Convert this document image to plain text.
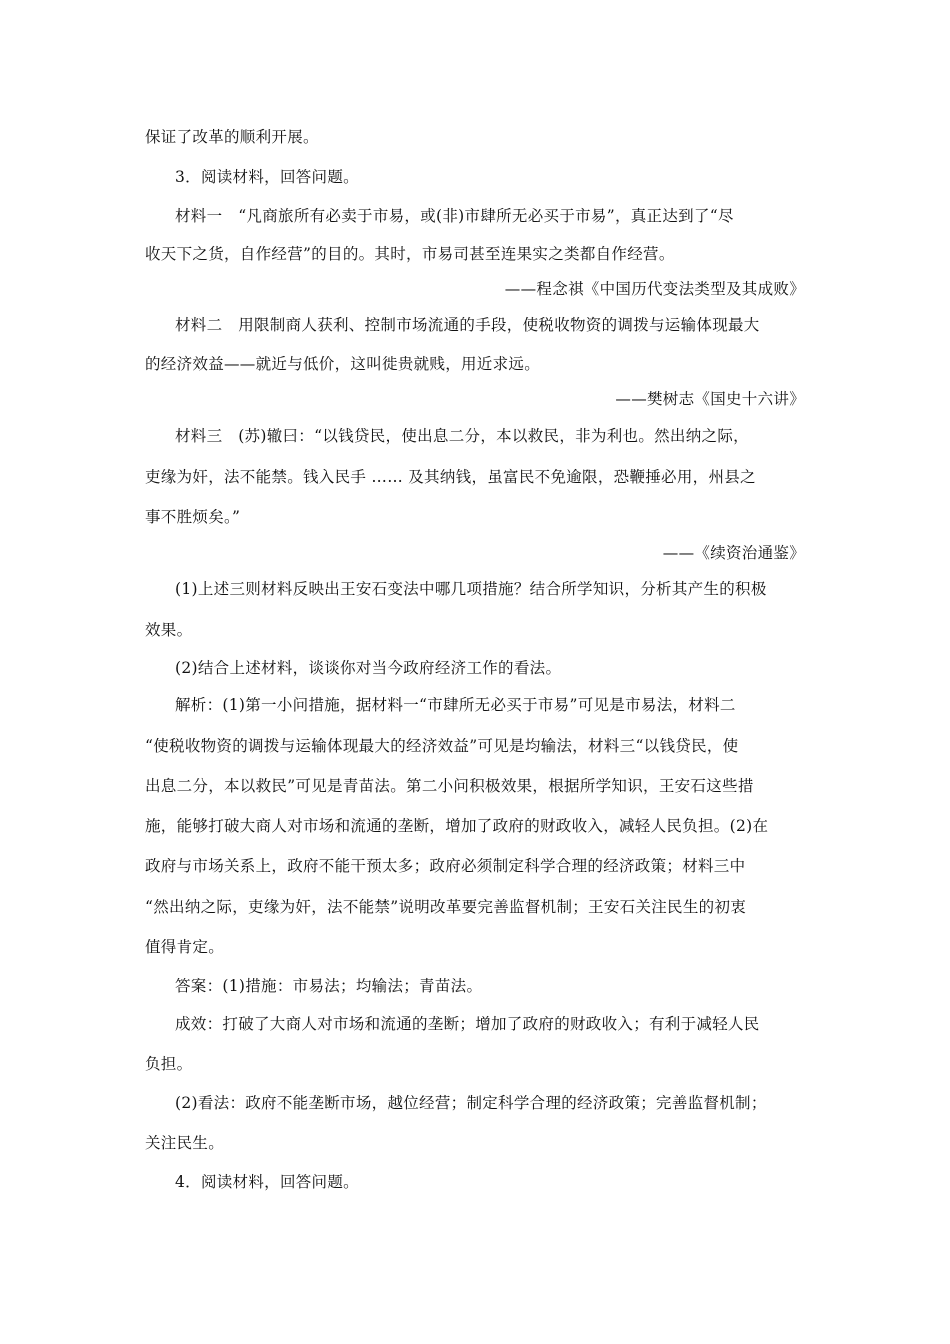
保证了改革的顺利开展。
3．阅读材料，回答问题。
材料一　“凡商旅所有必卖于市易，或(非)市肆所无必买于市易”，真正达到了“尽
收天下之货，自作经营”的目的。其时，市易司甚至连果实之类都自作经营。
——程念祺《中国历代变法类型及其成败》
材料二　用限制商人获利、控制市场流通的手段，使税收物资的调拨与运输体现最大
的经济效益——就近与低价，这叫徙贵就贱，用近求远。
——樊树志《国史十六讲》
材料三　(苏)辙曰：“以钱贷民，使出息二分，本以救民，非为利也。然出纳之际，
吏缘为奸，法不能禁。钱入民手 …… 及其纳钱，虽富民不免逾限，恐鞭捶必用，州县之
事不胜烦矣。”
——《续资治通鉴》
(1)上述三则材料反映出王安石变法中哪几项措施？结合所学知识，分析其产生的积极
效果。
(2)结合上述材料，谈谈你对当今政府经济工作的看法。
解析：(1)第一小问措施，据材料一“市肆所无必买于市易”可见是市易法，材料二
“使税收物资的调拨与运输体现最大的经济效益”可见是均输法，材料三“以钱贷民，使
出息二分，本以救民”可见是青苗法。第二小问积极效果，根据所学知识，王安石这些措
施，能够打破大商人对市场和流通的垄断，增加了政府的财政收入，减轻人民负担。(2)在
政府与市场关系上，政府不能干预太多；政府必须制定科学合理的经济政策；材料三中
“然出纳之际，吏缘为奸，法不能禁”说明改革要完善监督机制；王安石关注民生的初衷
值得肯定。
答案：(1)措施：市易法；均输法；青苗法。
成效：打破了大商人对市场和流通的垄断；增加了政府的财政收入；有利于减轻人民
负担。
(2)看法：政府不能垄断市场，越位经营；制定科学合理的经济政策；完善监督机制；
关注民生。
4．阅读材料，回答问题。
